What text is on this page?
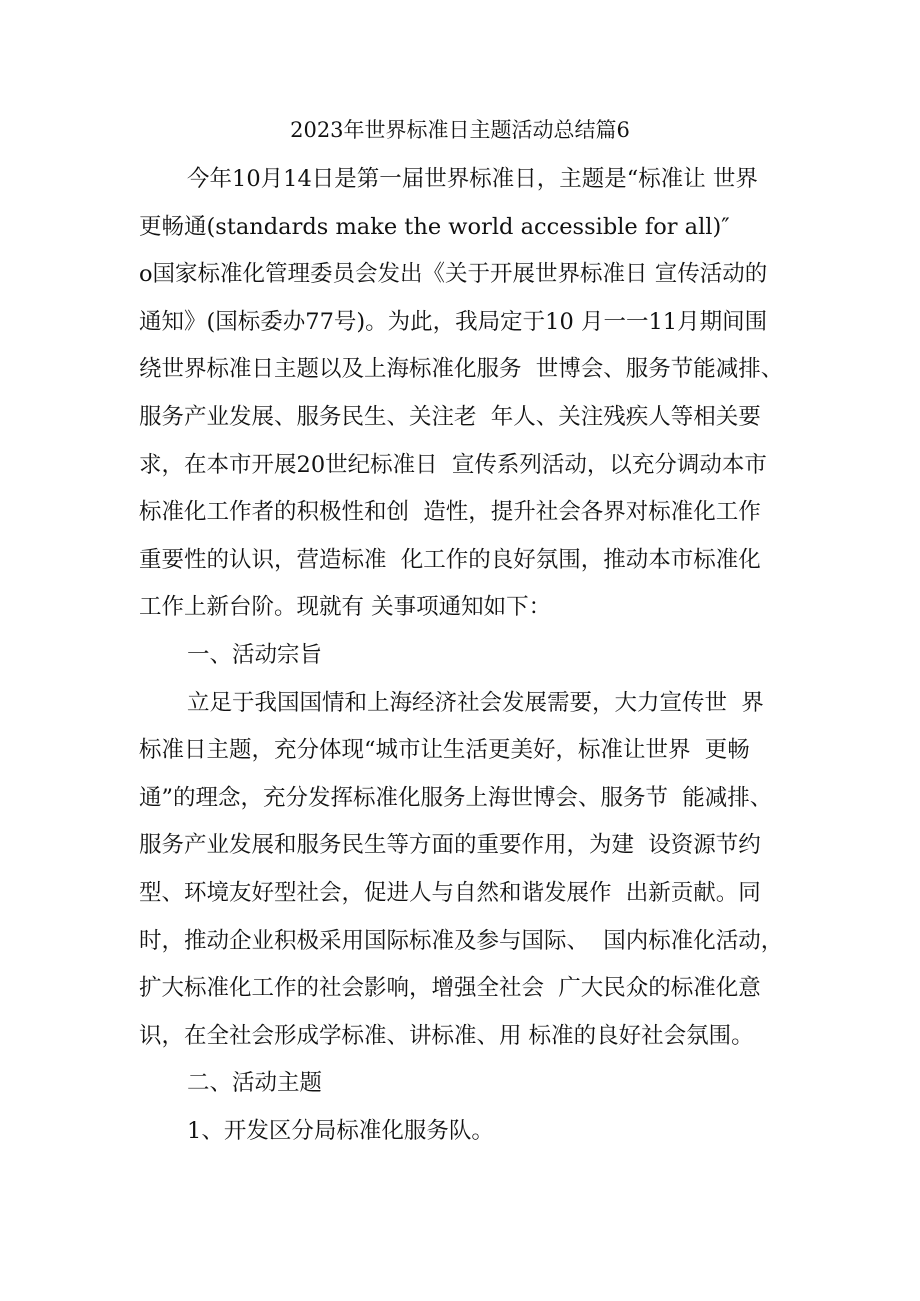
2023年世界标准日主题活动总结篇6
今年10月14日是第一届世界标准日，主题是“标准让 世界
更畅通(standards make the world accessible for all)″
o国家标准化管理委员会发出《关于开展世界标准日 宣传活动的
通知》(国标委办77号)。为此，我局定于10 月一一11月期间围
绕世界标准日主题以及上海标准化服务  世博会、服务节能减排、
服务产业发展、服务民生、关注老  年人、关注残疾人等相关要
求，在本市开展20世纪标准日  宣传系列活动，以充分调动本市
标准化工作者的积极性和创  造性，提升社会各界对标准化工作
重要性的认识，营造标准  化工作的良好氛围，推动本市标准化
工作上新台阶。现就有 关事项通知如下：
一、活动宗旨
立足于我国国情和上海经济社会发展需要，大力宣传世  界
标准日主题，充分体现“城市让生活更美好，标准让世界  更畅
通”的理念，充分发挥标准化服务上海世博会、服务节  能减排、
服务产业发展和服务民生等方面的重要作用，为建  设资源节约
型、环境友好型社会，促进人与自然和谐发展作  出新贡献。同
时，推动企业积极采用国际标准及参与国际、  国内标准化活动，
扩大标准化工作的社会影响，增强全社会  广大民众的标准化意
识，在全社会形成学标准、讲标准、用 标准的良好社会氛围。
二、活动主题
1、开发区分局标准化服务队。
